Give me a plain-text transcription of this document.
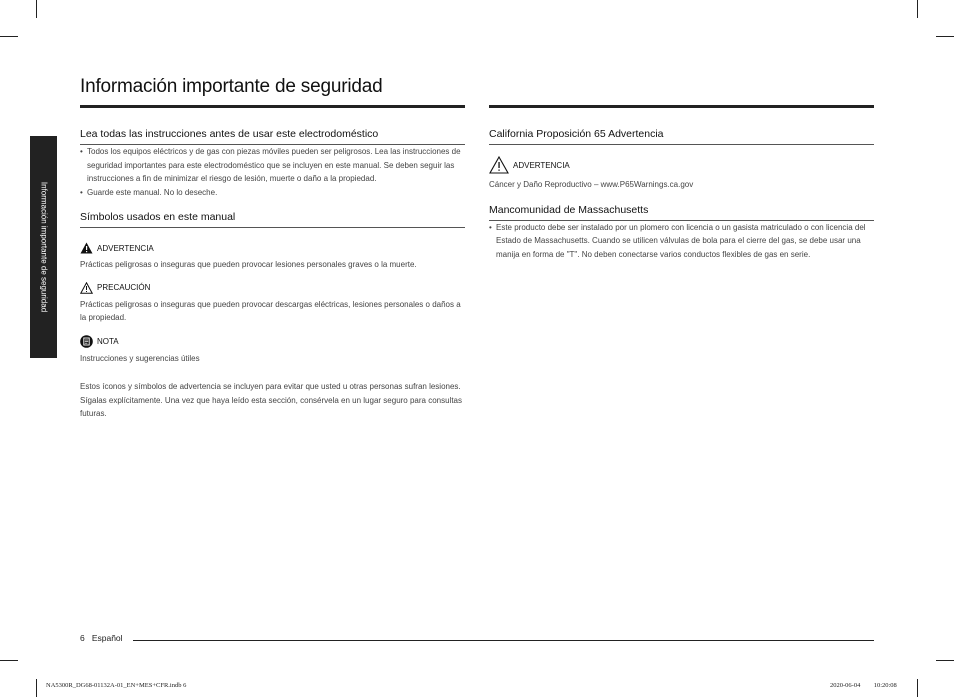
Información importante de seguridad
Información importante de seguridad
Lea todas las instrucciones antes de usar este electrodoméstico
• Todos los equipos eléctricos y de gas con piezas móviles pueden ser peligrosos. Lea las instrucciones de seguridad importantes para este electrodoméstico que se incluyen en este manual. Se deben seguir las instrucciones a fin de minimizar el riesgo de lesión, muerte o daño a la propiedad.
• Guarde este manual. No lo deseche.
Símbolos usados en este manual
ADVERTENCIA

Prácticas peligrosas o inseguras que pueden provocar lesiones personales graves o la muerte.

PRECAUCIÓN

Prácticas peligrosas o inseguras que pueden provocar descargas eléctricas, lesiones personales o daños a la propiedad.

NOTA

Instrucciones y sugerencias útiles

Estos íconos y símbolos de advertencia se incluyen para evitar que usted u otras personas sufran lesiones. Sígalas explícitamente. Una vez que haya leído esta sección, consérvela en un lugar seguro para consultas futuras.

California Proposición 65 Advertencia
ADVERTENCIA

Cáncer y Daño Reproductivo – www.P65Warnings.ca.gov

Mancomunidad de Massachusetts
• Este producto debe ser instalado por un plomero con licencia o un gasista matriculado o con licencia del Estado de Massachusetts. Cuando se utilicen válvulas de bola para el cierre del gas, se debe usar una manija en forma de "T". No deben conectarse varios conductos flexibles de gas en serie.
6 Español
NA5300R_DG68-01132A-01_EN+MES+CFR.indb 6	2020-06-04 ￿￿ 10:20:08
